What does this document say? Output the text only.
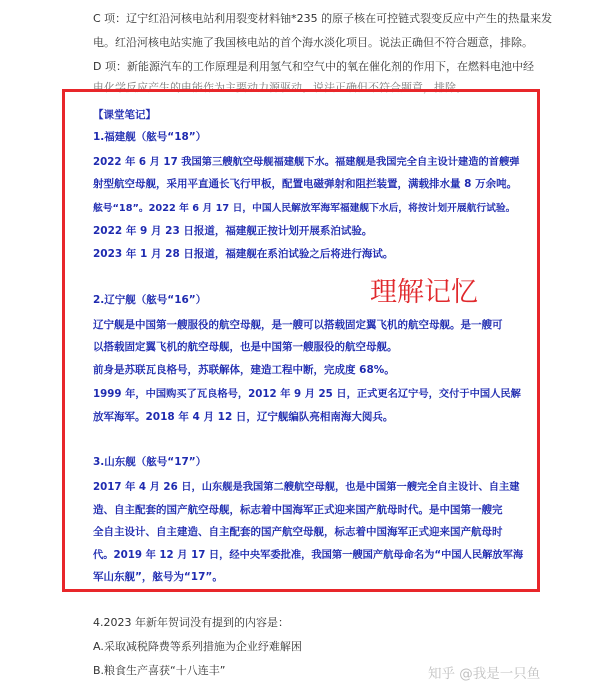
C 项：辽宁红沿河核电站利用裂变材料铀*235 的原子核在可控链式裂变反应中产生的热量来发
电。红沿河核电站实施了我国核电站的首个海水淡化项目。说法正确但不符合题意，排除。
D 项：新能源汽车的工作原理是利用氢气和空气中的氧在催化剂的作用下，在燃料电池中经
电化学反应产生的电能作为主要动力源驱动。说法正确但不符合题意，排除。
【课堂笔记】
1.福建舰（舷号“18”）
2022 年 6 月 17 我国第三艘航空母舰福建舰下水。福建舰是我国完全自主设计建造的首艘弹
射型航空母舰，采用平直通长飞行甲板，配置电磁弹射和阻拦装置，满载排水量 8 万余吨。
舷号“18”。2022 年 6 月 17 日，中国人民解放军海军福建舰下水后，将按计划开展航行试验。
2022 年 9 月 23 日报道，福建舰正按计划开展系泊试验。
2023 年 1 月 28 日报道，福建舰在系泊试验之后将进行海试。
理解记忆
2.辽宁舰（舷号“16”）
辽宁舰是中国第一艘服役的航空母舰，是一艘可以搭载固定翼飞机的航空母舰。是一艘可
以搭载固定翼飞机的航空母舰，也是中国第一艘服役的航空母舰。
前身是苏联瓦良格号，苏联解体，建造工程中断，完成度 68%。
1999 年，中国购买了瓦良格号，2012 年 9 月 25 日，正式更名辽宁号，交付于中国人民解
放军海军。2018 年 4 月 12 日，辽宁舰编队亮相南海大阅兵。
3.山东舰（舷号“17”）
2017 年 4 月 26 日，山东舰是我国第二艘航空母舰，也是中国第一艘完全自主设计、自主建
造、自主配套的国产航空母舰，标志着中国海军正式迎来国产航母时代。是中国第一艘完
全自主设计、自主建造、自主配套的国产航空母舰，标志着中国海军正式迎来国产航母时
代。2019 年 12 月 17 日，经中央军委批准，我国第一艘国产航母命名为“中国人民解放军海
军山东舰”，舷号为“17”。
4.2023 年新年贺词没有提到的内容是：
A.采取减税降费等系列措施为企业纾难解困
B.粮食生产喜获“十八连丰”	知乎 @我是一只鱼
